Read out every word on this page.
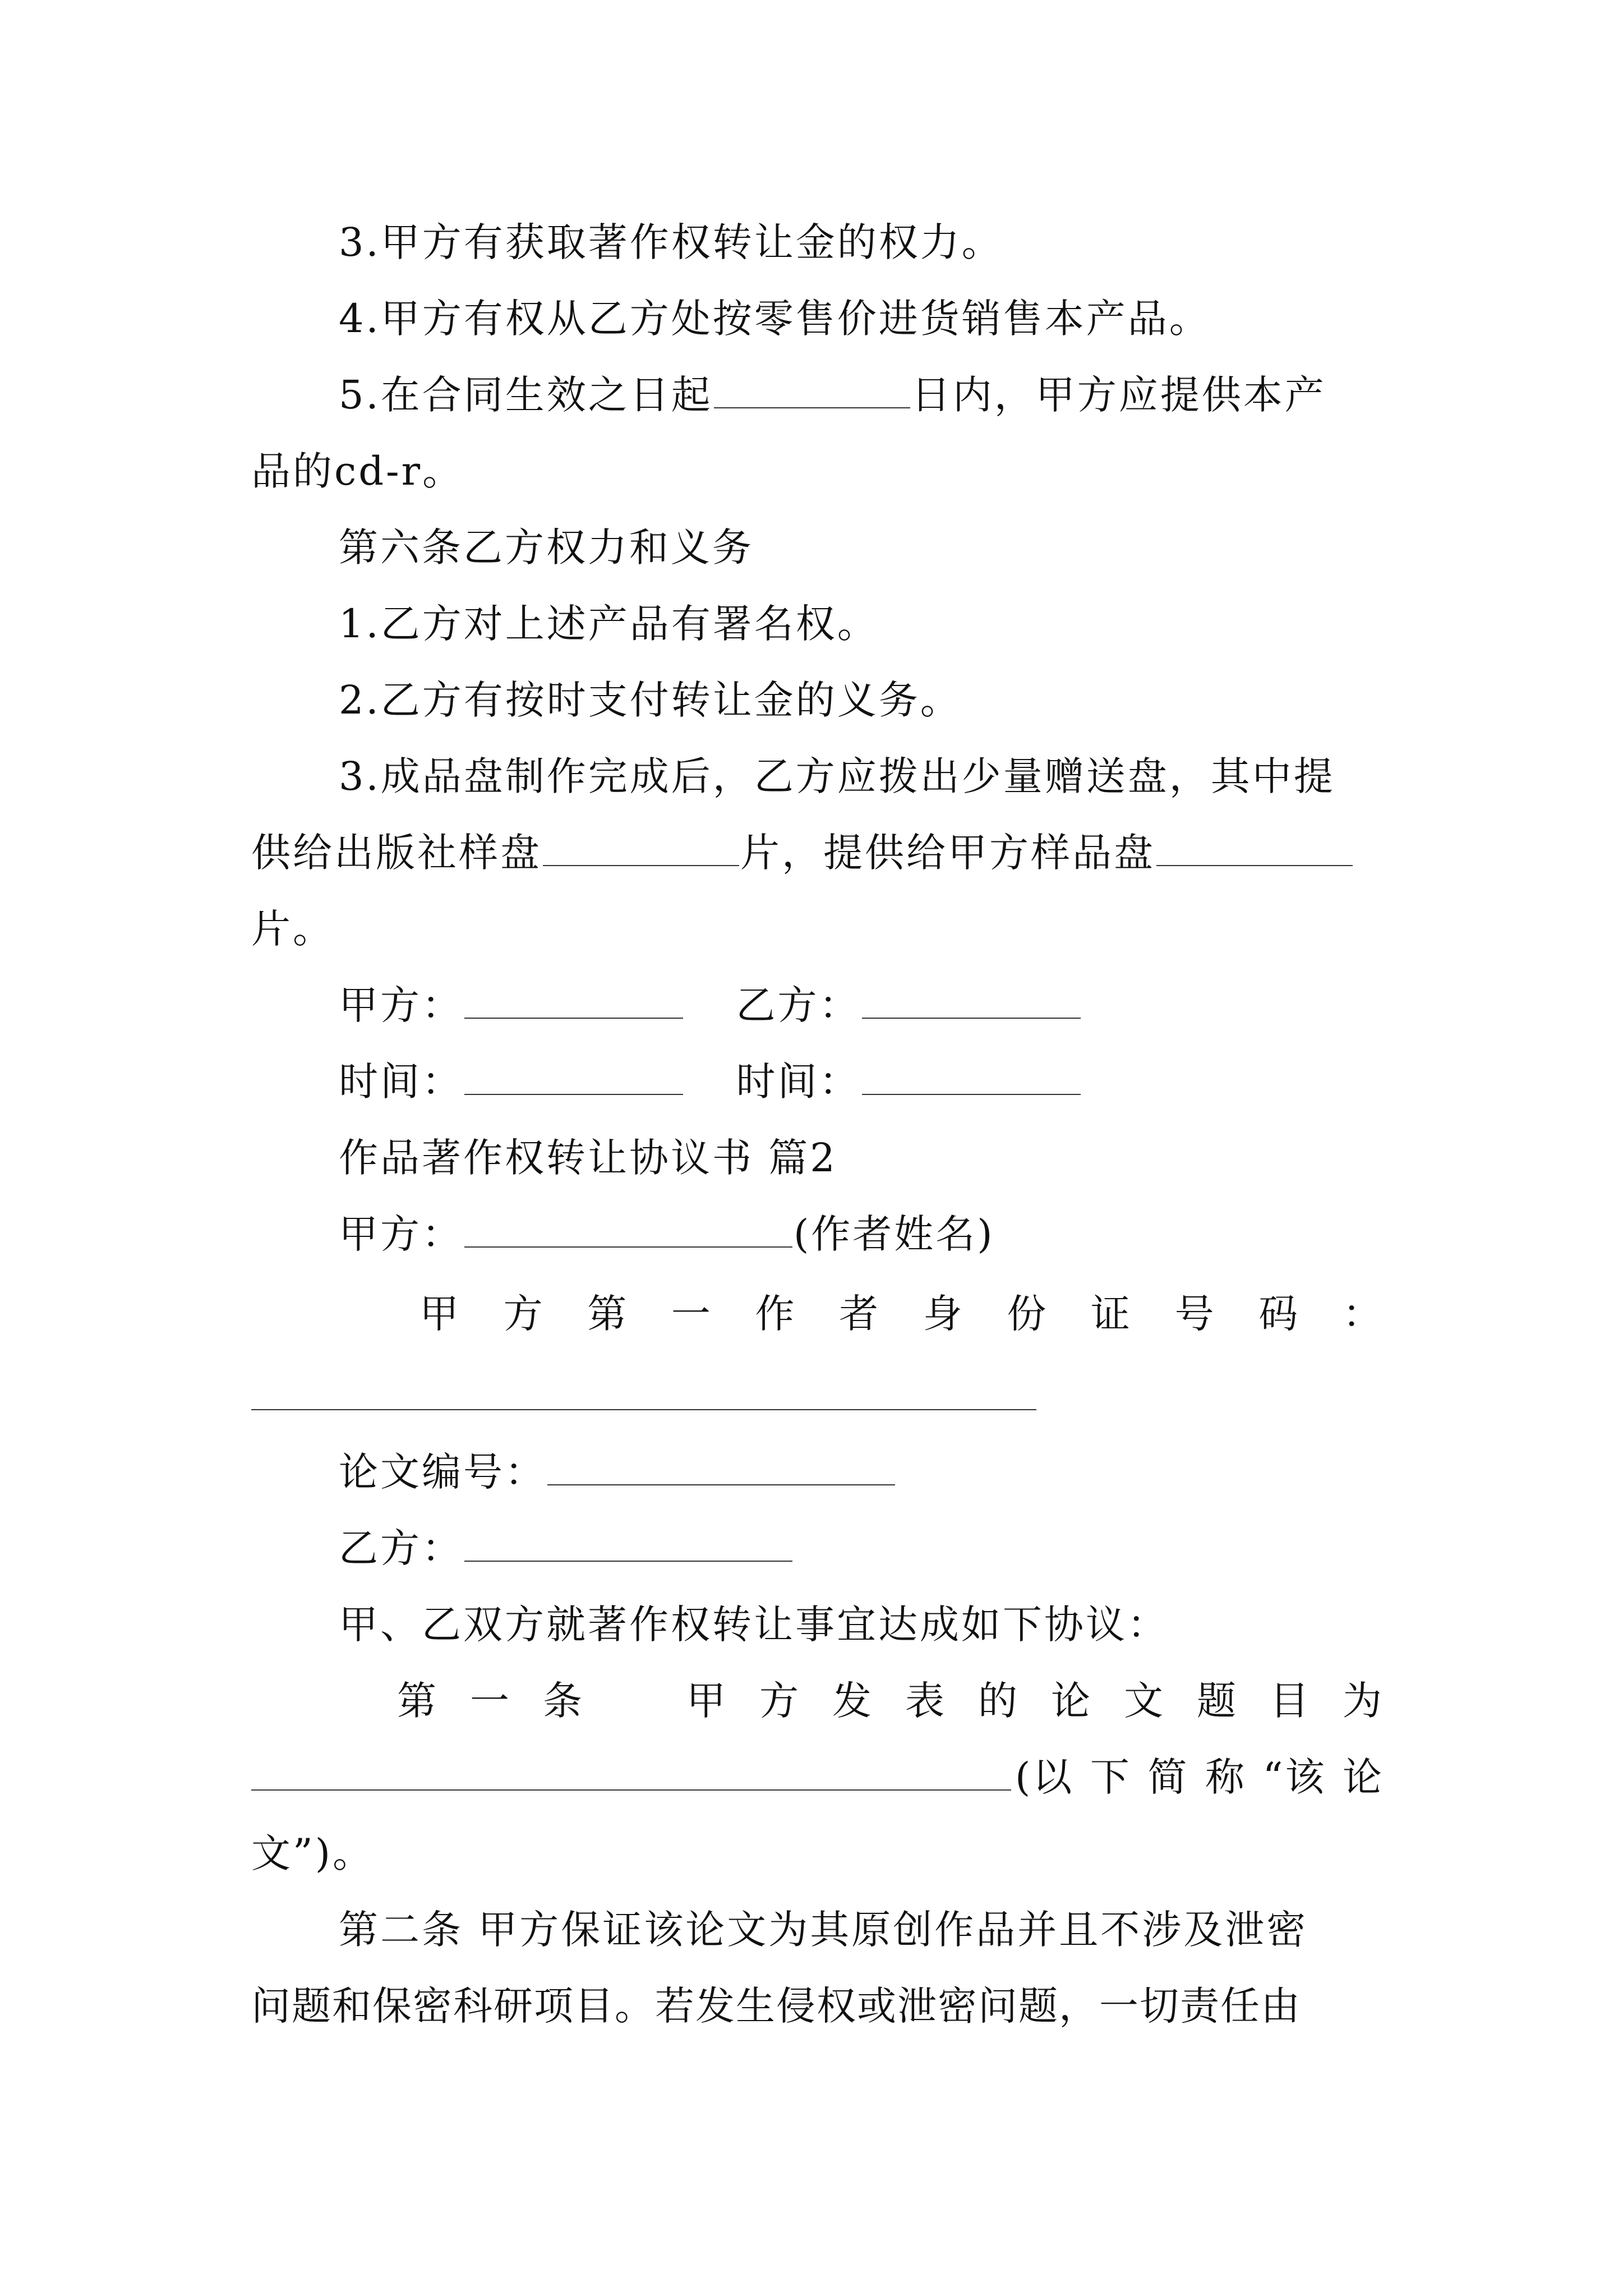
3.甲方有获取著作权转让金的权力。
4.甲方有权从乙方处按零售价进货销售本产品。
5.在合同生效之日起	日内，甲方应提供本产
品的cd-r。
第六条乙方权力和义务
1.乙方对上述产品有署名权。
2.乙方有按时支付转让金的义务。
3.成品盘制作完成后，乙方应拨出少量赠送盘，其中提
供给出版社样盘	片，提供给甲方样品盘
片。
甲方：	乙方：
时间：	时间：
作品著作权转让协议书 篇2
甲方：	(作者姓名)
甲 方 第 一 作 者 身 份 证 号 码 ：
论文编号：
乙方：
甲、乙双方就著作权转让事宜达成如下协议：
第 一 条	甲 方 发 表 的 论 文 题 目 为
(以 下 简 称 “该 论
文”)。
第二条 甲方保证该论文为其原创作品并且不涉及泄密
问题和保密科研项目。若发生侵权或泄密问题，一切责任由
